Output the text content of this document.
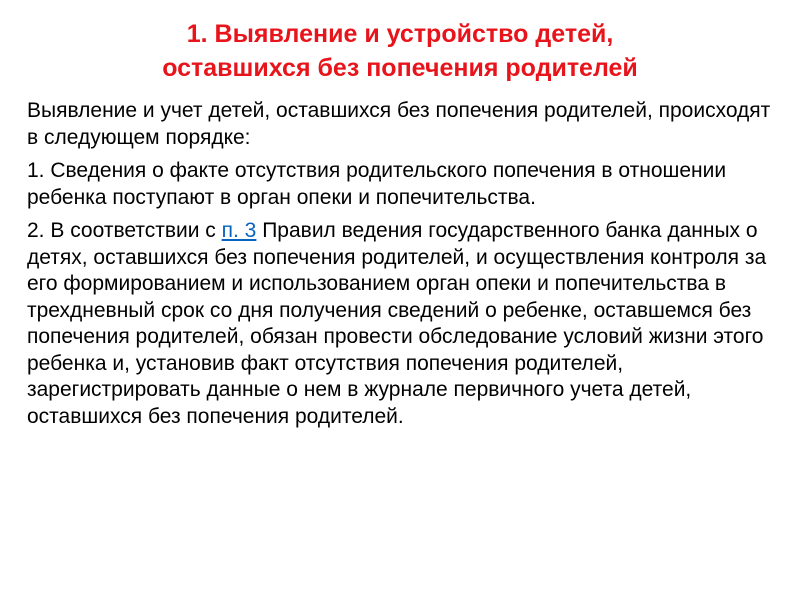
1. Выявление и устройство детей,
оставшихся без попечения родителей

Выявление и учет детей, оставшихся без попечения родителей, происходят в следующем порядке:

1. Сведения о факте отсутствия родительского попечения в отношении ребенка поступают в орган опеки и попечительства.

2. В соответствии с п. 3 Правил ведения государственного банка данных о детях, оставшихся без попечения родителей, и осуществления контроля за его формированием и использованием орган опеки и попечительства в трехдневный срок со дня получения сведений о ребенке, оставшемся без попечения родителей, обязан провести обследование условий жизни этого ребенка и, установив факт отсутствия попечения родителей, зарегистрировать данные о нем в журнале первичного учета детей, оставшихся без попечения родителей.
